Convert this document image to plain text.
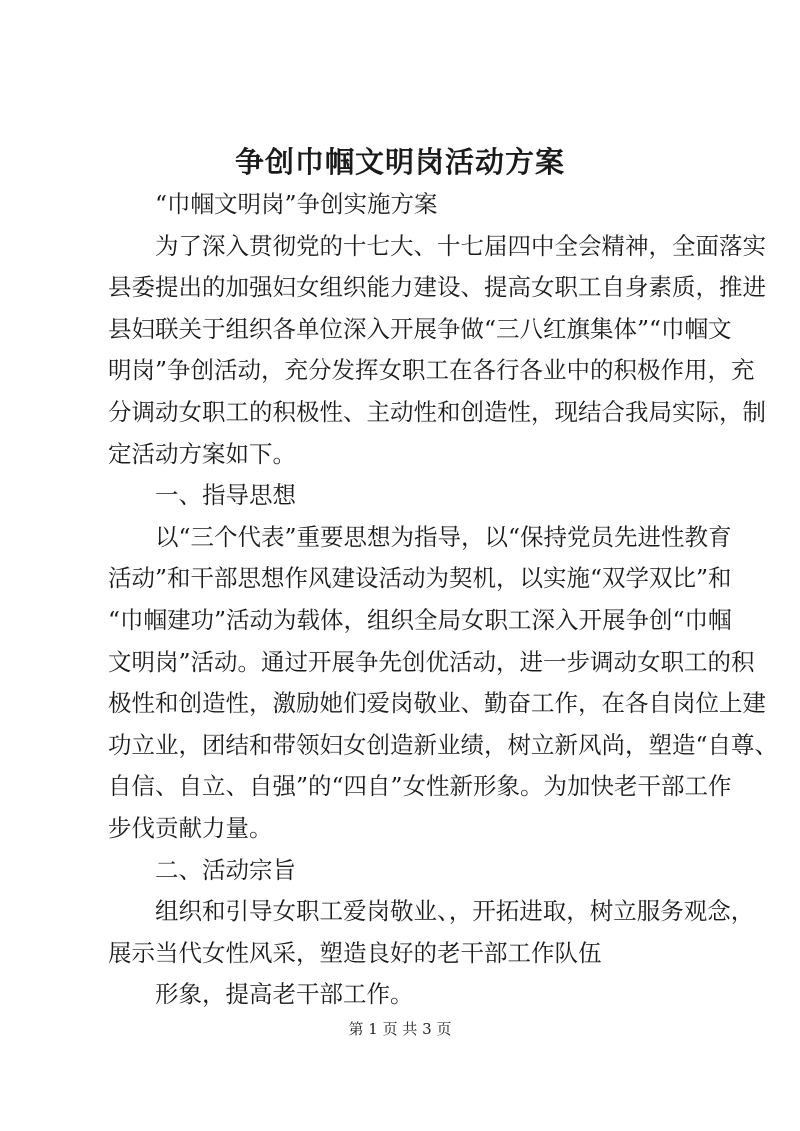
争创巾帼文明岗活动方案
“巾帼文明岗”争创实施方案
为了深入贯彻党的十七大、十七届四中全会精神，全面落实
县委提出的加强妇女组织能力建设、提高女职工自身素质，推进
县妇联关于组织各单位深入开展争做“三八红旗集体”“巾帼文
明岗”争创活动，充分发挥女职工在各行各业中的积极作用，充
分调动女职工的积极性、主动性和创造性，现结合我局实际，制
定活动方案如下。
一、指导思想
以“三个代表”重要思想为指导，以“保持党员先进性教育
活动”和干部思想作风建设活动为契机，以实施“双学双比”和
“巾帼建功”活动为载体，组织全局女职工深入开展争创“巾帼
文明岗”活动。通过开展争先创优活动，进一步调动女职工的积
极性和创造性，激励她们爱岗敬业、勤奋工作，在各自岗位上建
功立业，团结和带领妇女创造新业绩，树立新风尚，塑造“自尊、
自信、自立、自强”的“四自”女性新形象。为加快老干部工作
步伐贡献力量。
二、活动宗旨
组织和引导女职工爱岗敬业、，开拓进取，树立服务观念，
展示当代女性风采，塑造良好的老干部工作队伍
形象，提高老干部工作。
第 1 页 共 3 页
